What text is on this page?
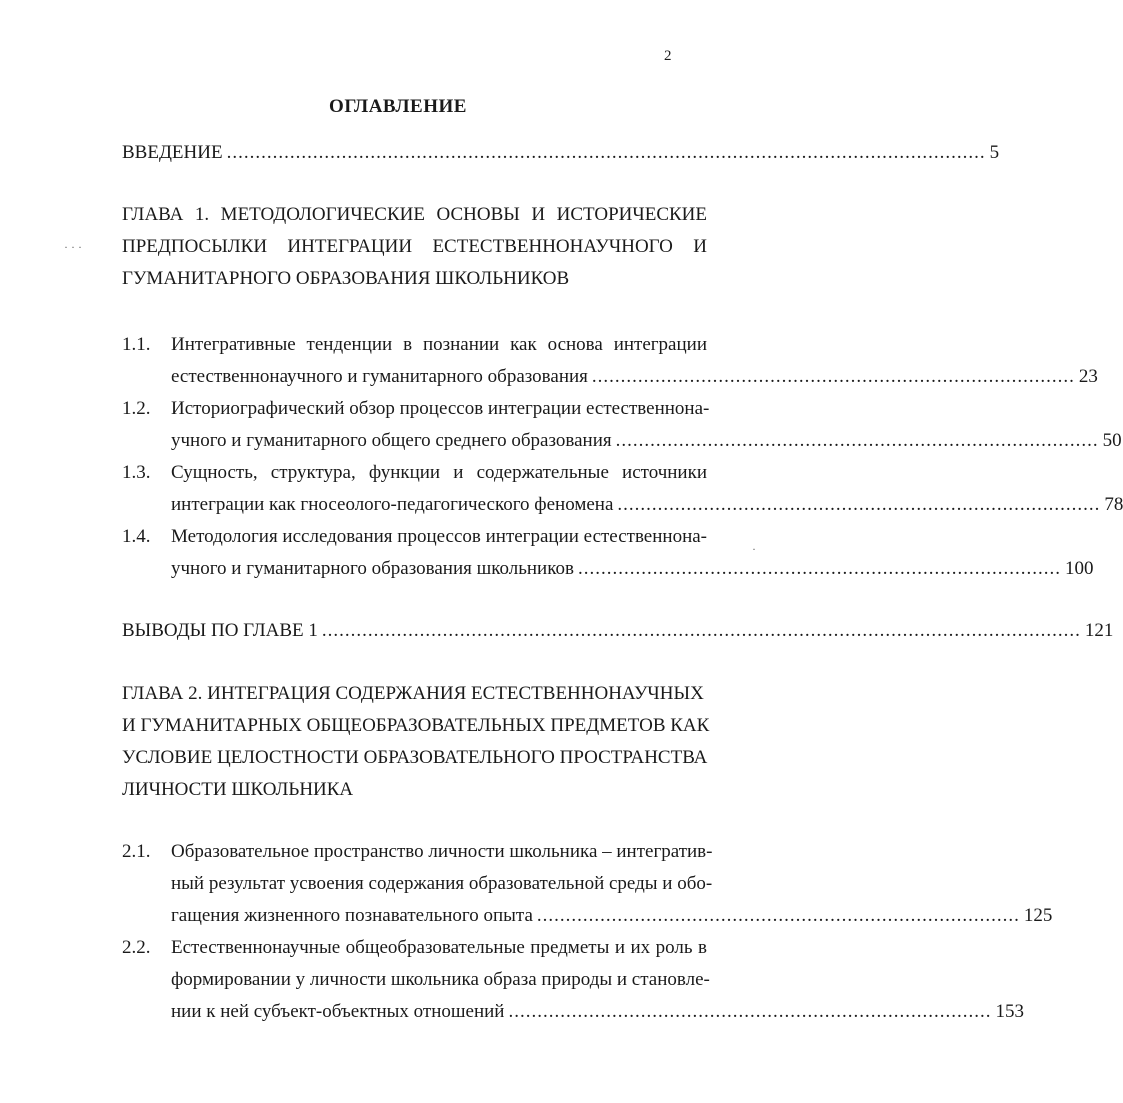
2
ОГЛАВЛЕНИЕ
ВВЕДЕНИЕ .................................................................................................................................... 5
ГЛАВА 1. МЕТОДОЛОГИЧЕСКИЕ ОСНОВЫ И ИСТОРИЧЕСКИЕ
ПРЕДПОСЫЛКИ ИНТЕГРАЦИИ ЕСТЕСТВЕННОНАУЧНОГО И
ГУМАНИТАРНОГО ОБРАЗОВАНИЯ ШКОЛЬНИКОВ
· · ·
1.1. Интегративные тенденции в познании как основа интеграции
естественнонаучного и гуманитарного образования .................................................................................... 23
1.2. Историографический обзор процессов интеграции естественнона-
учного и гуманитарного общего среднего образования .................................................................................... 50
1.3. Сущность, структура, функции и содержательные источники
интеграции как гносеолого-педагогического феномена .................................................................................... 78
1.4. Методология исследования процессов интеграции естественнона-
учного и гуманитарного образования школьников .................................................................................... 100
·
ВЫВОДЫ ПО ГЛАВЕ 1 .................................................................................................................................... 121
ГЛАВА 2. ИНТЕГРАЦИЯ СОДЕРЖАНИЯ ЕСТЕСТВЕННОНАУЧНЫХ
И ГУМАНИТАРНЫХ ОБЩЕОБРАЗОВАТЕЛЬНЫХ ПРЕДМЕТОВ КАК
УСЛОВИЕ ЦЕЛОСТНОСТИ ОБРАЗОВАТЕЛЬНОГО ПРОСТРАНСТВА
ЛИЧНОСТИ ШКОЛЬНИКА
2.1. Образовательное пространство личности школьника – интегратив-
ный результат усвоения содержания образовательной среды и обо-
гащения жизненного познавательного опыта .................................................................................... 125
2.2. Естественнонаучные общеобразовательные предметы и их роль в
формировании у личности школьника образа природы и становле-
нии к ней субъект-объектных отношений .................................................................................... 153
